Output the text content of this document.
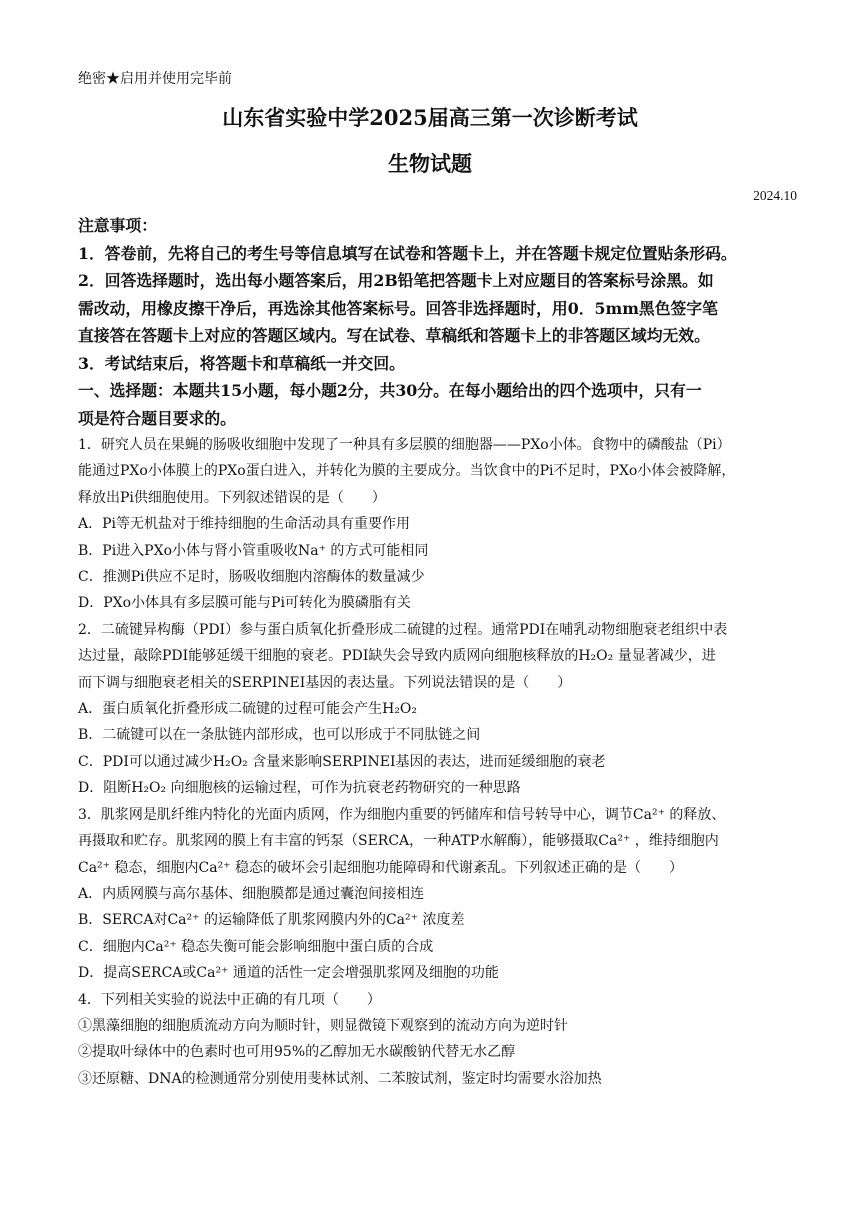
绝密★启用并使用完毕前
山东省实验中学2025届高三第一次诊断考试
生物试题
2024.10
注意事项：
1．答卷前，先将自己的考生号等信息填写在试卷和答题卡上，并在答题卡规定位置贴条形码。
2．回答选择题时，选出每小题答案后，用2B铅笔把答题卡上对应题目的答案标号涂黑。如
需改动，用橡皮擦干净后，再选涂其他答案标号。回答非选择题时，用0．5mm黑色签字笔
直接答在答题卡上对应的答题区域内。写在试卷、草稿纸和答题卡上的非答题区域均无效。
3．考试结束后，将答题卡和草稿纸一并交回。
一、选择题：本题共15小题，每小题2分，共30分。在每小题给出的四个选项中，只有一
项是符合题目要求的。
1．研究人员在果蝇的肠吸收细胞中发现了一种具有多层膜的细胞器——PXo小体。食物中的磷酸盐（Pi）
能通过PXo小体膜上的PXo蛋白进入，并转化为膜的主要成分。当饮食中的Pi不足时，PXo小体会被降解，
释放出Pi供细胞使用。下列叙述错误的是（　　）
A．Pi等无机盐对于维持细胞的生命活动具有重要作用
B．Pi进入PXo小体与肾小管重吸收Na⁺ 的方式可能相同
C．推测Pi供应不足时，肠吸收细胞内溶酶体的数量减少
D．PXo小体具有多层膜可能与Pi可转化为膜磷脂有关
2．二硫键异构酶（PDI）参与蛋白质氧化折叠形成二硫键的过程。通常PDI在哺乳动物细胞衰老组织中表
达过量，敲除PDI能够延缓干细胞的衰老。PDI缺失会导致内质网向细胞核释放的H₂O₂ 量显著减少，进
而下调与细胞衰老相关的SERPINEI基因的表达量。下列说法错误的是（　　）
A．蛋白质氧化折叠形成二硫键的过程可能会产生H₂O₂
B．二硫键可以在一条肽链内部形成，也可以形成于不同肽链之间
C．PDI可以通过减少H₂O₂ 含量来影响SERPINEI基因的表达，进而延缓细胞的衰老
D．阻断H₂O₂ 向细胞核的运输过程，可作为抗衰老药物研究的一种思路
3．肌浆网是肌纤维内特化的光面内质网，作为细胞内重要的钙储库和信号转导中心，调节Ca²⁺ 的释放、
再摄取和贮存。肌浆网的膜上有丰富的钙泵（SERCA，一种ATP水解酶），能够摄取Ca²⁺ ，维持细胞内
Ca²⁺ 稳态，细胞内Ca²⁺ 稳态的破坏会引起细胞功能障碍和代谢紊乱。下列叙述正确的是（　　）
A．内质网膜与高尔基体、细胞膜都是通过囊泡间接相连
B．SERCA对Ca²⁺ 的运输降低了肌浆网膜内外的Ca²⁺ 浓度差
C．细胞内Ca²⁺ 稳态失衡可能会影响细胞中蛋白质的合成
D．提高SERCA或Ca²⁺ 通道的活性一定会增强肌浆网及细胞的功能
4．下列相关实验的说法中正确的有几项（　　）
①黑藻细胞的细胞质流动方向为顺时针，则显微镜下观察到的流动方向为逆时针
②提取叶绿体中的色素时也可用95%的乙醇加无水碳酸钠代替无水乙醇
③还原糖、DNA的检测通常分别使用斐林试剂、二苯胺试剂，鉴定时均需要水浴加热
